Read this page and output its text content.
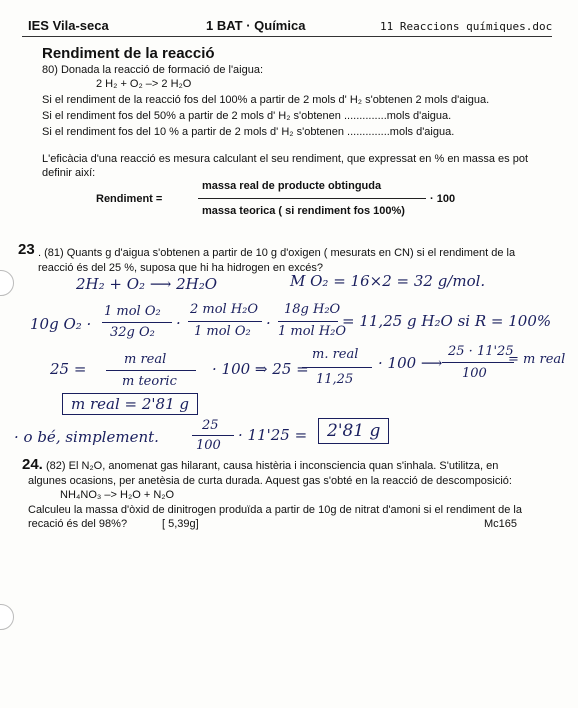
IES Vila-seca	1 BAT · Química	11 Reaccions químiques.doc
Rendiment de la reacció
80) Donada la reacció de formació de l'aigua:
2 H₂ + O₂ –> 2 H₂O
Si el rendiment de la reacció fos del 100% a partir de 2 mols d' H₂ s'obtenen 2 mols d'aigua.
Si el rendiment fos del 50% a partir de 2 mols d' H₂ s'obtenen ..............mols d'aigua.
Si el rendiment fos del 10 % a partir de 2 mols d' H₂ s'obtenen ..............mols d'aigua.
L'eficàcia d'una reacció es mesura calculant el seu rendiment, que expressat en % en massa es pot
definir així:
Rendiment =
massa real de producte obtinguda
massa teorica ( si rendiment fos 100%)
· 100
23 . (81) Quants g d'aigua s'obtenen a partir de 10 g d'oxigen ( mesurats en CN) si el rendiment de la
reacció és del 25 %, suposa que hi ha hidrogen en excés?
2H₂ + O₂ ⟶ 2H₂O	M O₂ = 16×2 = 32 g/mol.
10g O₂ ·
1 mol O₂
32g O₂
·
2 mol H₂O
1 mol O₂ ·
18g H₂O
1 mol H₂O
= 11,25 g H₂O si R = 100%
25 =
m real
m teoric
· 100 ⇒ 25 =
m. real
11,25
· 100 ⟶
25 · 11'25
100
= m real
m real = 2'81 g
· o bé, simplement.
25
100
· 11'25 =	2'81 g
24. (82) El N₂O, anomenat gas hilarant, causa histèria i inconsciencia quan s'inhala. S'utilitza, en
algunes ocasions, per anetèsia de curta durada. Aquest gas s'obté en la reacció de descomposició:
NH₄NO₃ –> H₂O + N₂O
Calculeu la massa d'òxid de dinitrogen produïda a partir de 10g de nitrat d'amoni si el rendiment de la
recació és del 98%?	[ 5,39g]	Mc165
